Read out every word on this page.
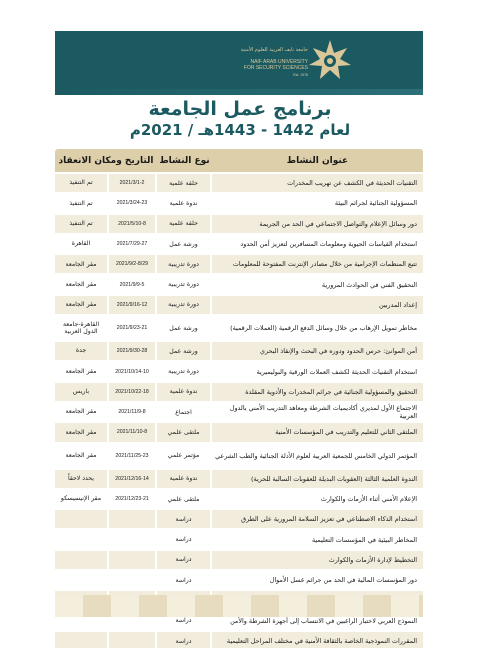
جامعة نايف العربية للعلوم الأمنية
NAIF ARAB UNIVERSITY
FOR SECURITY SCIENCES
Est. 1978
برنامج عمل الجامعة
لعام 1442 - 1443هـ / 2021م
عنوان النشاط
نوع النشاط
التاريخ ومكان الانعقاد
التقنيات الحديثة في الكشف عن تهريب المخدرات
حلقة علمية
2021/3/1-2
تم التنفيذ
المسؤولية الجنائية لجرائم البيئة
ندوة علمية
2021/3/24-23
تم التنفيذ
دور وسائل الإعلام والتواصل الاجتماعي في الحد من الجريمة
حلقة علمية
2021/5/10-8
تم التنفيذ
استخدام القياسات الحيوية ومعلومات المسافرين لتعزيز أمن الحدود
ورشة عمل
2021/7/29-27
القاهرة
تتبع المنظمات الإجرامية من خلال مصادر الإنترنت المفتوحة للمعلومات
دورة تدريبية
2021/9/2-8/29
مقر الجامعة
التحقيق الفني في الحوادث المرورية
دورة تدريبية
2021/9/9-5
مقر الجامعة
إعداد المدربين
دورة تدريبية
2021/9/16-12
مقر الجامعة
مخاطر تمويل الإرهاب من خلال وسائل الدفع الرقمية (العملات الرقمية)
ورشة عمل
2021/9/23-21
القاهرة-جامعة الدول العربية
أمن الموانئ: حرس الحدود ودوره في البحث والإنقاذ البحري
ورشة عمل
2021/9/30-28
جدة
استخدام التقنيات الحديثة لكشف العملات الورقية والبوليميرية
دورة تدريبية
2021/10/14-10
مقر الجامعة
التحقيق والمسؤولية الجنائية في جرائم المخدرات والأدوية المقلدة
ندوة علمية
2021/10/22-18
باريس
الاجتماع الأول لمديري أكاديميات الشرطة ومعاهد التدريب الأمني بالدول العربية
اجتماع
2021/11/9-8
مقر الجامعة
الملتقى الثاني للتعليم والتدريب في المؤسسات الأمنية
ملتقى علمي
2021/11/10-8
مقر الجامعة
المؤتمر الدولي الخامس للجمعية العربية لعلوم الأدلة الجنائية والطب الشرعي
مؤتمر علمي
2021/11/25-23
مقر الجامعة
الندوة العلمية الثالثة (العقوبات البديلة للعقوبات السالبة للحرية)
ندوة علمية
2021/12/16-14
يحدد لاحقاً
الإعلام الأمني أثناء الأزمات والكوارث
ملتقى علمي
2021/12/23-21
مقر الإنيسيسكو
استخدام الذكاء الاصطناعي في تعزيز السلامة المرورية على الطرق
دراسة
المخاطر البيئية في المؤسسات التعليمية
دراسة
التخطيط لإدارة الأزمات والكوارث
دراسة
دور المؤسسات المالية في الحد من جرائم غسل الأموال
دراسة
النموذج العربي لاختبار الراغبين في الانتساب إلى أجهزة الشرطة والأمن
دراسة
المقررات النموذجية الخاصة بالثقافة الأمنية في مختلف المراحل التعليمية
دراسة
